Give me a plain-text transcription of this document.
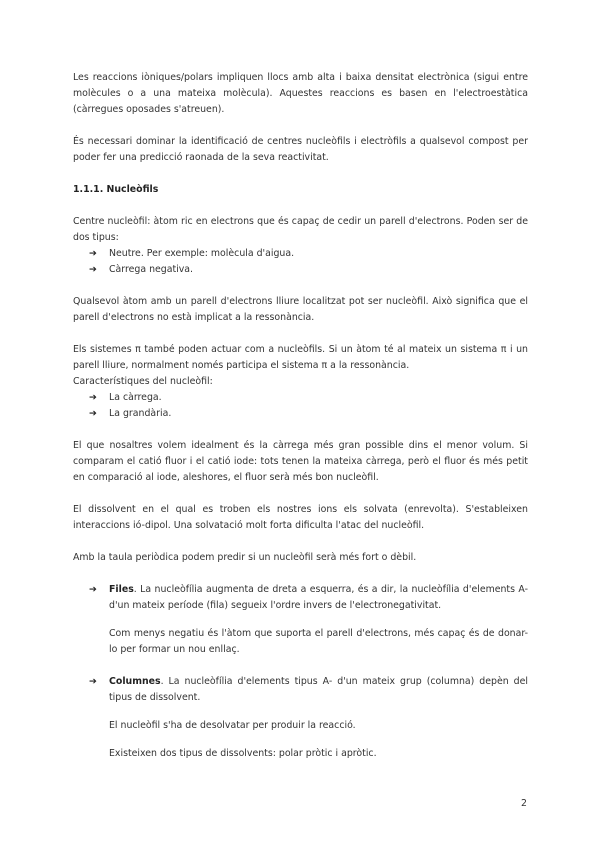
Les reaccions iòniques/polars impliquen llocs amb alta i baixa densitat electrònica (sigui entre molècules o a una mateixa molècula). Aquestes reaccions es basen en l'electroestàtica (càrregues oposades s'atreuen).

És necessari dominar la identificació de centres nucleòfils i electròfils a qualsevol compost per poder fer una predicció raonada de la seva reactivitat.

1.1.1. Nucleòfils

Centre nucleòfil: àtom ric en electrons que és capaç de cedir un parell d'electrons. Poden ser de dos tipus:

➔ Neutre. Per exemple: molècula d'aigua.
➔ Càrrega negativa.

Qualsevol àtom amb un parell d'electrons lliure localitzat pot ser nucleòfil. Això significa que el parell d'electrons no està implicat a la ressonància.

Els sistemes π també poden actuar com a nucleòfils. Si un àtom té al mateix un sistema π i un parell lliure, normalment només participa el sistema π a la ressonància.

Característiques del nucleòfil:

➔ La càrrega.
➔ La grandària.

El que nosaltres volem idealment és la càrrega més gran possible dins el menor volum. Si comparam el catió fluor i el catió iode: tots tenen la mateixa càrrega, però el fluor és més petit en comparació al iode, aleshores, el fluor serà més bon nucleòfil.

El dissolvent en el qual es troben els nostres ions els solvata (enrevolta). S'estableixen interaccions ió-dipol. Una solvatació molt forta dificulta l'atac del nucleòfil.

Amb la taula periòdica podem predir si un nucleòfil serà més fort o dèbil.

➔ Files. La nucleòfília augmenta de dreta a esquerra, és a dir, la nucleòfília d'elements A- d'un mateix període (fila) segueix l'ordre invers de l'electronegativitat.

Com menys negatiu és l'àtom que suporta el parell d'electrons, més capaç és de donar-lo per formar un nou enllaç.

➔ Columnes. La nucleòfília d'elements tipus A- d'un mateix grup (columna) depèn del tipus de dissolvent.

El nucleòfil s'ha de desolvatar per produir la reacció.

Existeixen dos tipus de dissolvents: polar pròtic i apròtic.

2
